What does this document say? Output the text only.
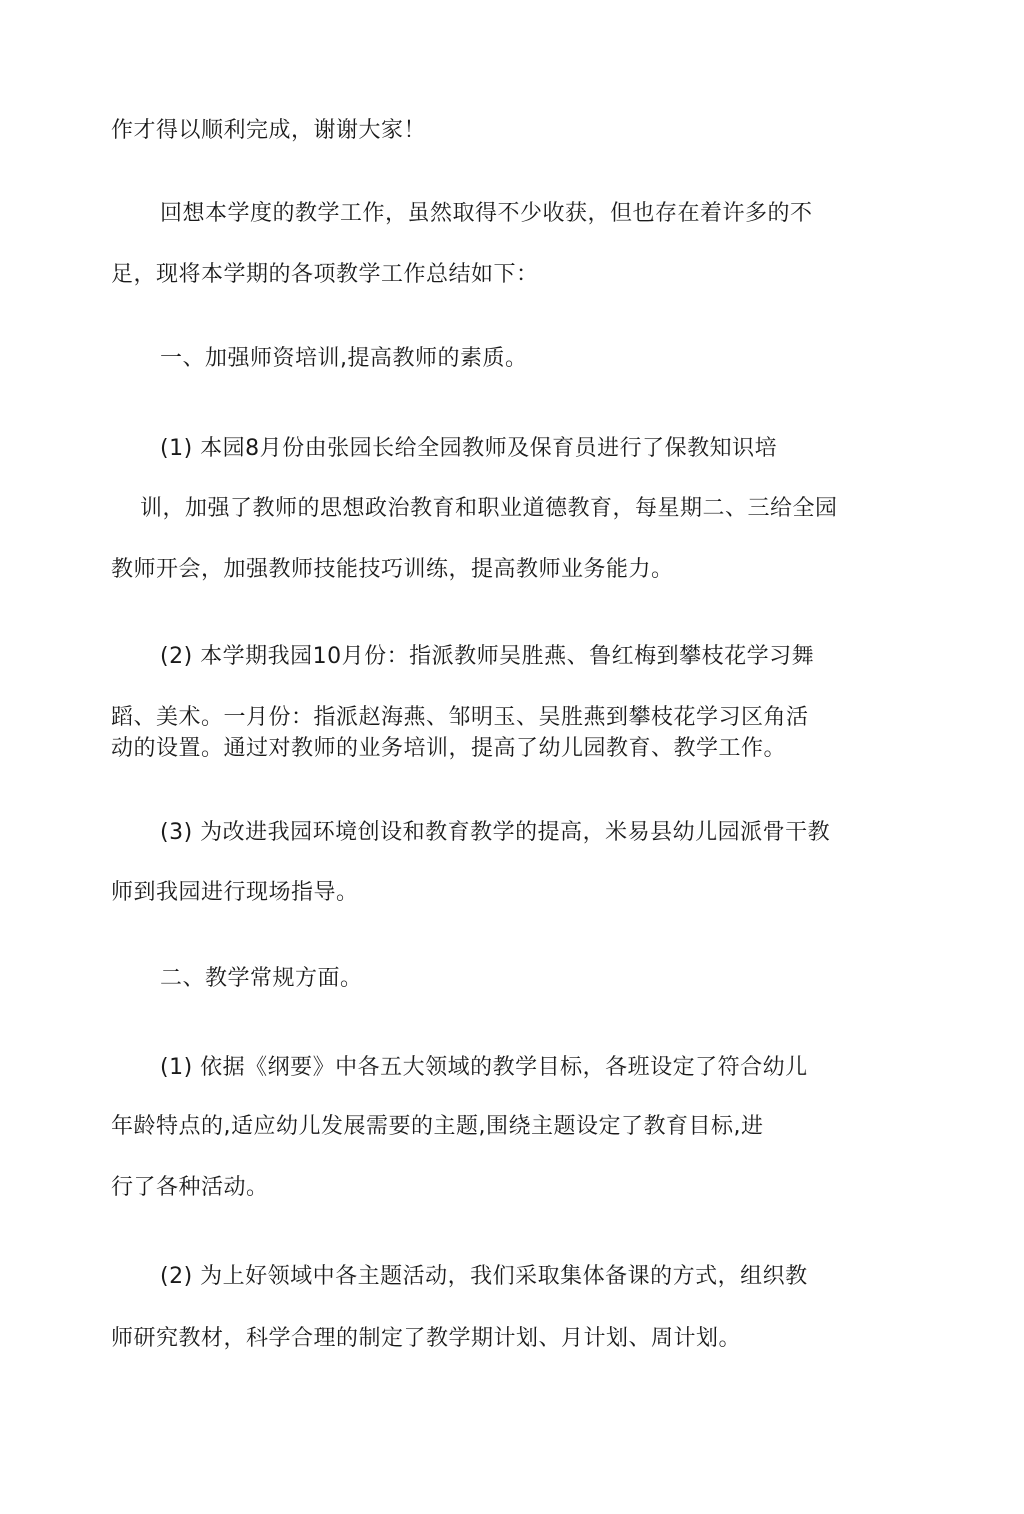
作才得以顺利完成，谢谢大家！
回想本学度的教学工作，虽然取得不少收获，但也存在着许多的不
足，现将本学期的各项教学工作总结如下：
一、加强师资培训,提高教师的素质。
(1) 本园8月份由张园长给全园教师及保育员进行了保教知识培
训，加强了教师的思想政治教育和职业道德教育，每星期二、三给全园
教师开会，加强教师技能技巧训练，提高教师业务能力。
(2) 本学期我园10月份：指派教师吴胜燕、鲁红梅到攀枝花学习舞
蹈、美术。一月份：指派赵海燕、邹明玉、吴胜燕到攀枝花学习区角活
动的设置。通过对教师的业务培训，提高了幼儿园教育、教学工作。
(3) 为改进我园环境创设和教育教学的提高，米易县幼儿园派骨干教
师到我园进行现场指导。
二、教学常规方面。
(1) 依据《纲要》中各五大领域的教学目标，各班设定了符合幼儿
年龄特点的,适应幼儿发展需要的主题,围绕主题设定了教育目标,进
行了各种活动。
(2) 为上好领域中各主题活动，我们采取集体备课的方式，组织教
师研究教材，科学合理的制定了教学期计划、月计划、周计划。
